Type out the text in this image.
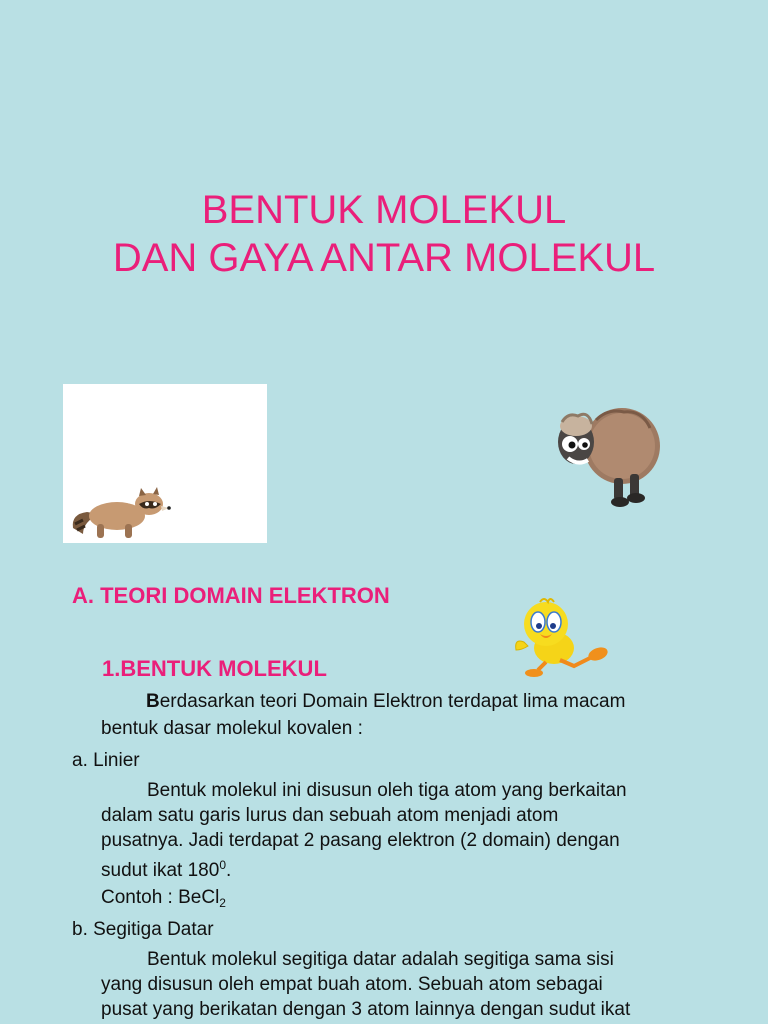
BENTUK MOLEKUL
DAN GAYA ANTAR MOLEKUL
A. TEORI DOMAIN ELEKTRON
1.BENTUK MOLEKUL
Berdasarkan teori Domain Elektron terdapat lima macam
bentuk dasar molekul kovalen :
a. Linier
Bentuk molekul ini disusun oleh tiga atom yang berkaitan
dalam satu garis lurus dan sebuah atom menjadi atom
pusatnya. Jadi terdapat 2 pasang elektron (2 domain) dengan
sudut ikat $180^0$.
Contoh : BeCl$_2$
b. Segitiga Datar
Bentuk molekul segitiga datar adalah segitiga sama sisi
yang disusun oleh empat buah atom. Sebuah atom sebagai
pusat yang berikatan dengan 3 atom lainnya dengan sudut ikat
